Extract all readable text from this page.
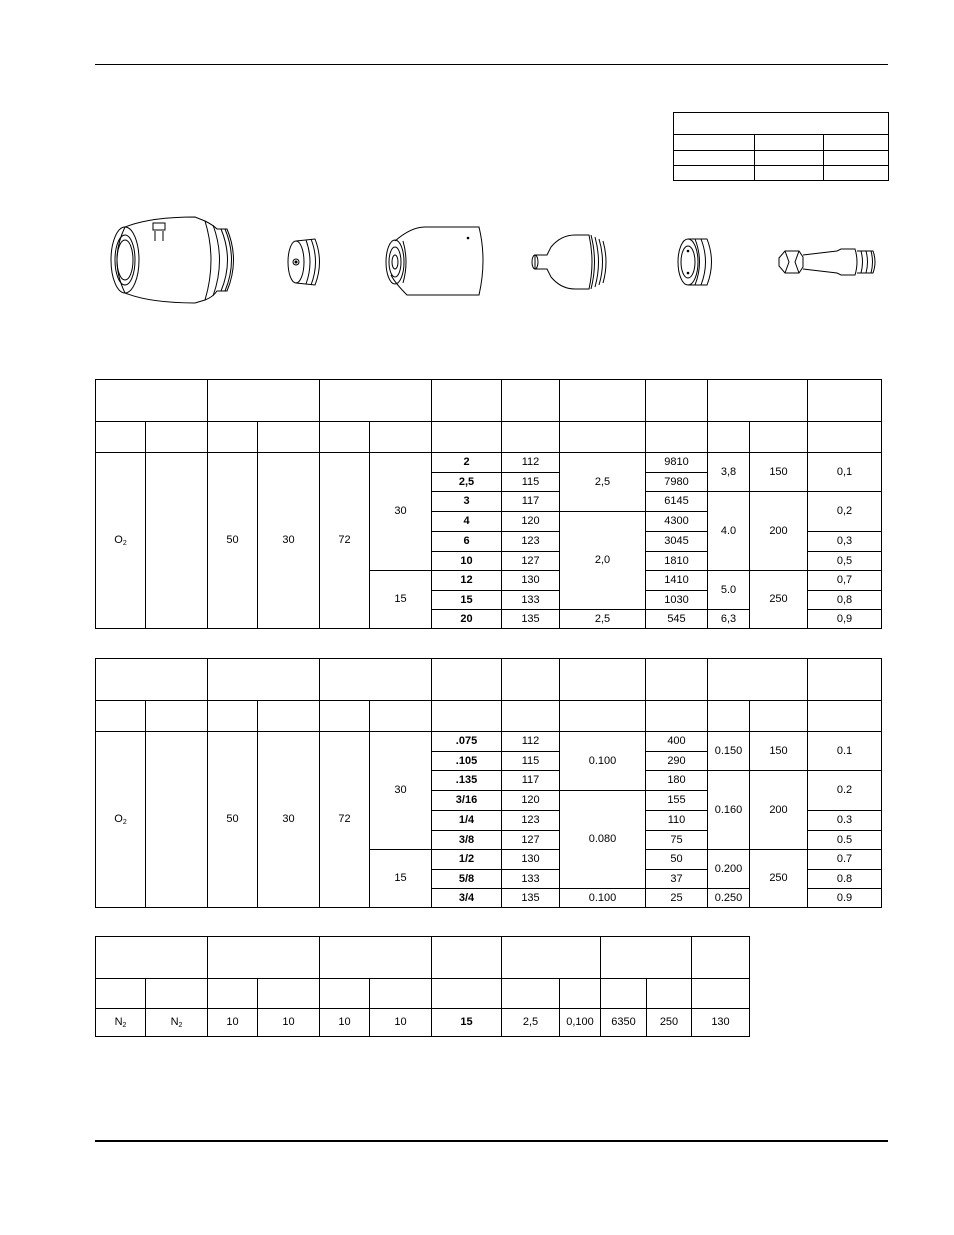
$O_2$		50	30	72	30	2	112	2,5	9810	3,8	150	0,1
						2,5	115		7980			
						3	117		6145	4.0	200	0,2
						4	120	2,0	4300			
						6	123		3045			0,3
						10	127		1810			0,5
					15	12	130		1410	5.0	250	0,7
						15	133		1030			0,8
						20	135	2,5	545	6,3		0,9

$O_2$		50	30	72	30	.075	112	0.100	400	0.150	150	0.1
						.105	115		290			
						.135	117		180	0.160	200	0.2
						3/16	120	0.080	155			
						1/4	123		110			0.3
						3/8	127		75			0.5
					15	1/2	130		50	0.200	250	0.7
						5/8	133		37			0.8
						3/4	135	0.100	25	0.250		0.9

$N_2$	$N_2$	10	10	10	10	15	2,5	0,100	6350	250	130
